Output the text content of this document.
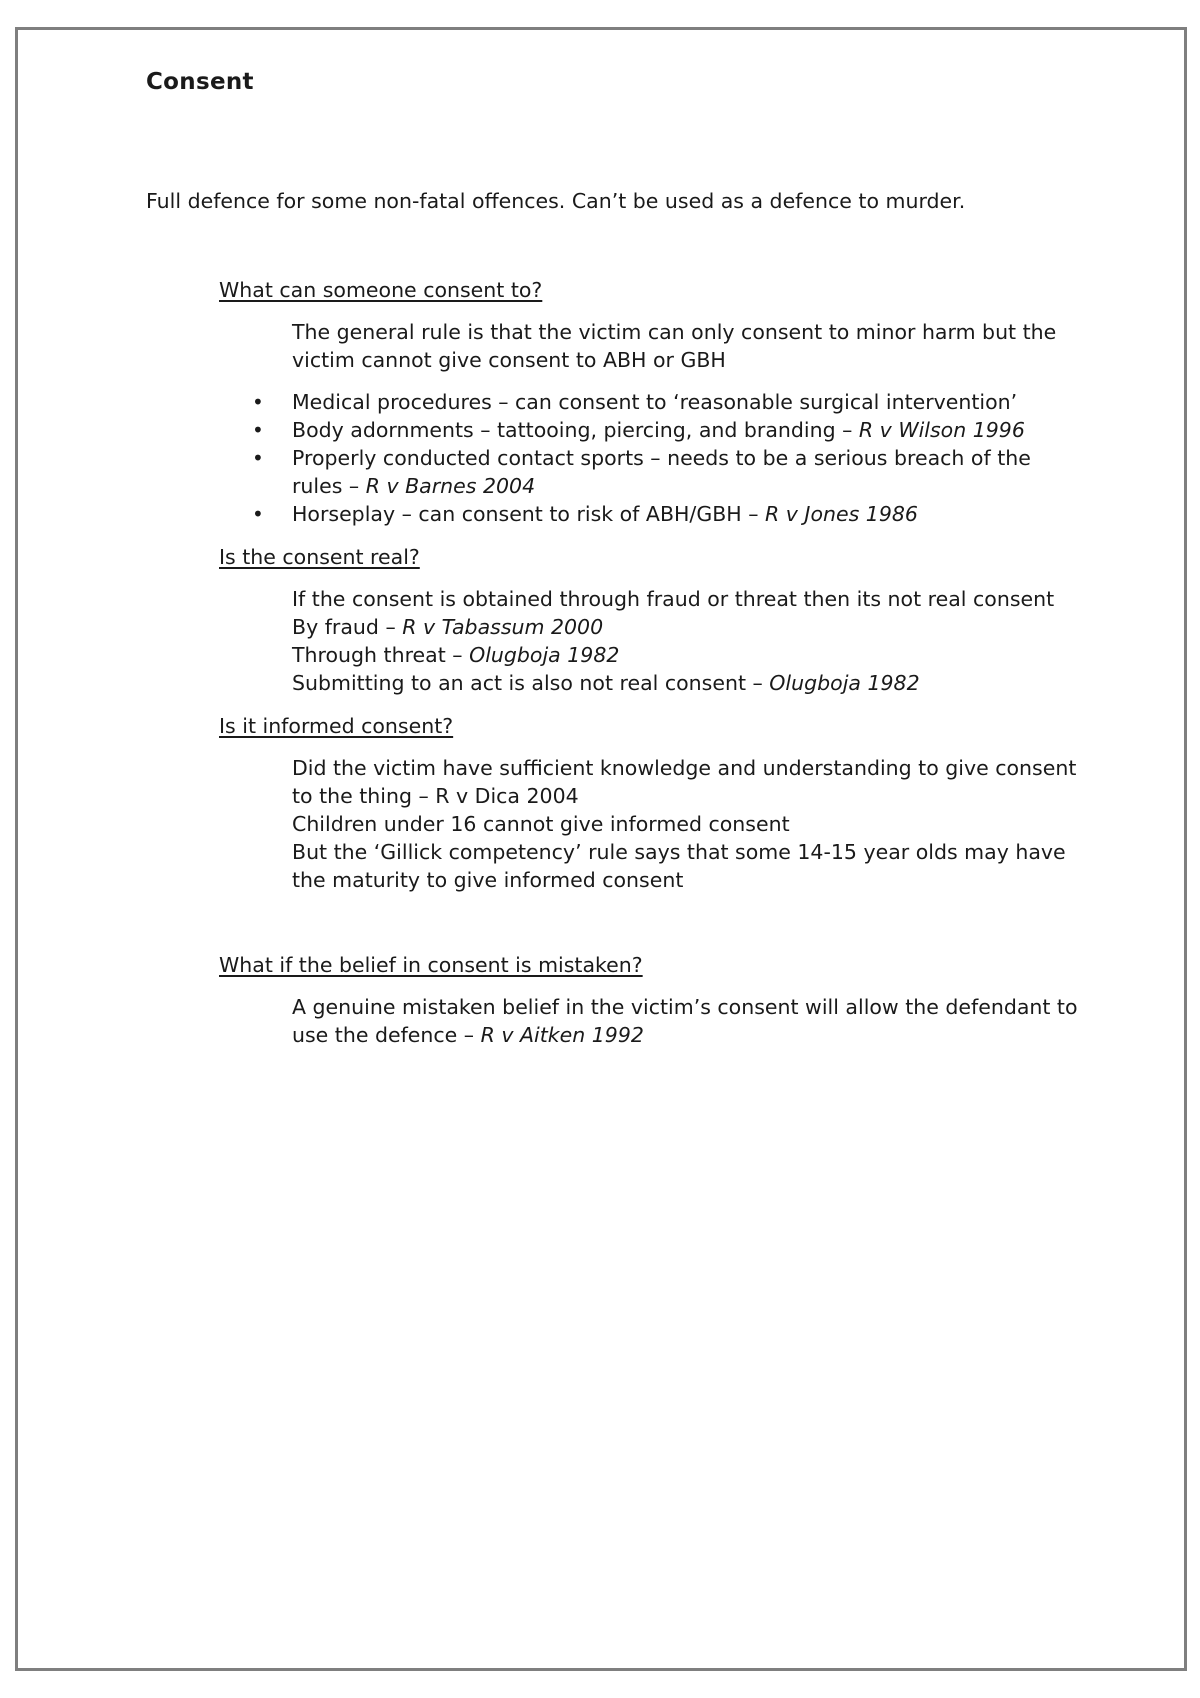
Consent

Full defence for some non-fatal offences. Can’t be used as a defence to murder.

What can someone consent to?

The general rule is that the victim can only consent to minor harm but the victim cannot give consent to ABH or GBH

• Medical procedures – can consent to ‘reasonable surgical intervention’
• Body adornments – tattooing, piercing, and branding – R v Wilson 1996
• Properly conducted contact sports – needs to be a serious breach of the rules – R v Barnes 2004
• Horseplay – can consent to risk of ABH/GBH – R v Jones 1986

Is the consent real?

If the consent is obtained through fraud or threat then its not real consent

By fraud – R v Tabassum 2000

Through threat – Olugboja 1982

Submitting to an act is also not real consent – Olugboja 1982

Is it informed consent?

Did the victim have sufficient knowledge and understanding to give consent to the thing – R v Dica 2004

Children under 16 cannot give informed consent

But the ‘Gillick competency’ rule says that some 14-15 year olds may have the maturity to give informed consent

What if the belief in consent is mistaken?

A genuine mistaken belief in the victim’s consent will allow the defendant to use the defence – R v Aitken 1992
